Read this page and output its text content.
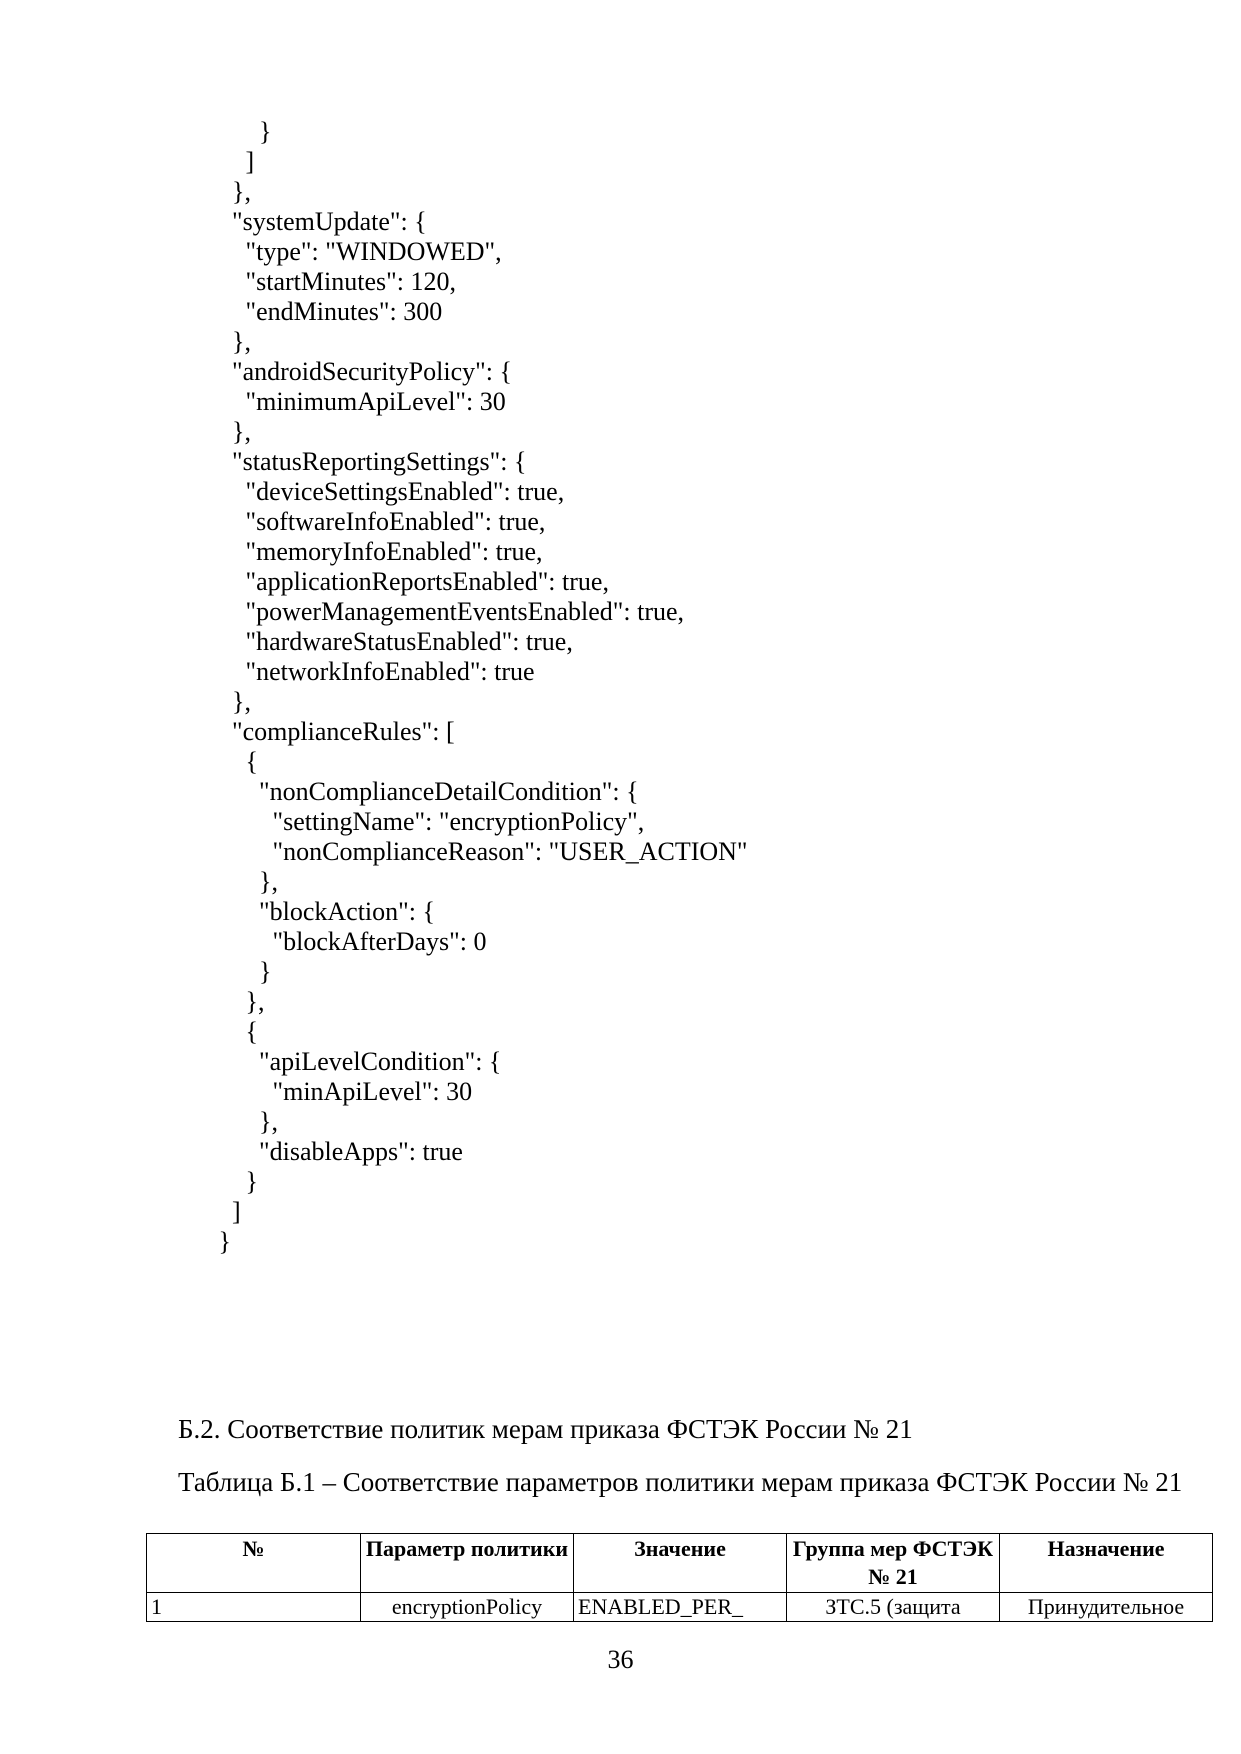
}
]
},
"systemUpdate": {
"type": "WINDOWED",
"startMinutes": 120,
"endMinutes": 300
},
"androidSecurityPolicy": {
"minimumApiLevel": 30
},
"statusReportingSettings": {
"deviceSettingsEnabled": true,
"softwareInfoEnabled": true,
"memoryInfoEnabled": true,
"applicationReportsEnabled": true,
"powerManagementEventsEnabled": true,
"hardwareStatusEnabled": true,
"networkInfoEnabled": true
},
"complianceRules": [
{
"nonComplianceDetailCondition": {
"settingName": "encryptionPolicy",
"nonComplianceReason": "USER_ACTION"
},
"blockAction": {
"blockAfterDays": 0
}
},
{
"apiLevelCondition": {
"minApiLevel": 30
},
"disableApps": true
}
]
}
Б.2. Соответствие политик мерам приказа ФСТЭК России № 21
Таблица Б.1 – Соответствие параметров политики мерам приказа ФСТЭК России № 21
№	Параметр политики	Значение	Группа мер ФСТЭК № 21	Назначение
1	encryptionPolicy	ENABLED_PER_	ЗТС.5 (защита	Принудительное
36
